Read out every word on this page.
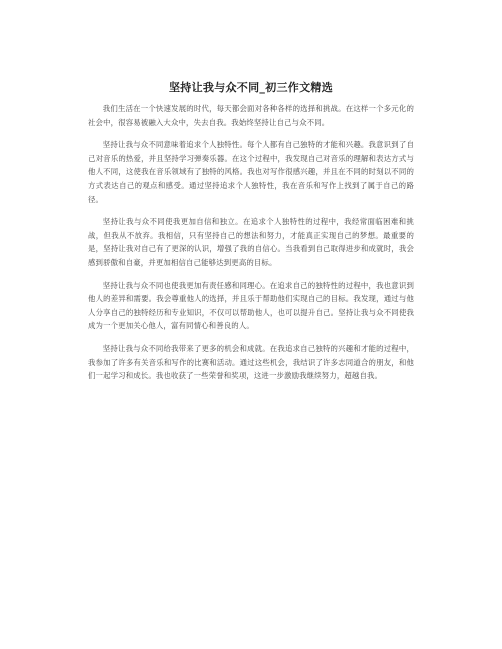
坚持让我与众不同_初三作文精选

我们生活在一个快速发展的时代，每天都会面对各种各样的选择和挑战。在这样一个多元化的社会中，很容易被融入大众中，失去自我。我始终坚持让自己与众不同。

坚持让我与众不同意味着追求个人独特性。每个人都有自己独特的才能和兴趣。我意识到了自己对音乐的热爱，并且坚持学习弹奏乐器。在这个过程中，我发现自己对音乐的理解和表达方式与他人不同，这使我在音乐领域有了独特的风格。我也对写作很感兴趣，并且在不同的时刻以不同的方式表达自己的观点和感受。通过坚持追求个人独特性，我在音乐和写作上找到了属于自己的路径。

坚持让我与众不同使我更加自信和独立。在追求个人独特性的过程中，我经常面临困难和挑战，但我从不放弃。我相信，只有坚持自己的想法和努力，才能真正实现自己的梦想。最重要的是，坚持让我对自己有了更深的认识，增强了我的自信心。当我看到自己取得进步和成就时，我会感到骄傲和自豪，并更加相信自己能够达到更高的目标。

坚持让我与众不同也使我更加有责任感和同理心。在追求自己的独特性的过程中，我也意识到他人的差异和需要。我会尊重他人的选择，并且乐于帮助他们实现自己的目标。我发现，通过与他人分享自己的独特经历和专业知识，不仅可以帮助他人，也可以提升自己。坚持让我与众不同使我成为一个更加关心他人，富有同情心和善良的人。

坚持让我与众不同给我带来了更多的机会和成就。在我追求自己独特的兴趣和才能的过程中，我参加了许多有关音乐和写作的比赛和活动。通过这些机会，我结识了许多志同道合的朋友，和他们一起学习和成长。我也收获了一些荣誉和奖项，这进一步激励我继续努力，超越自我。
